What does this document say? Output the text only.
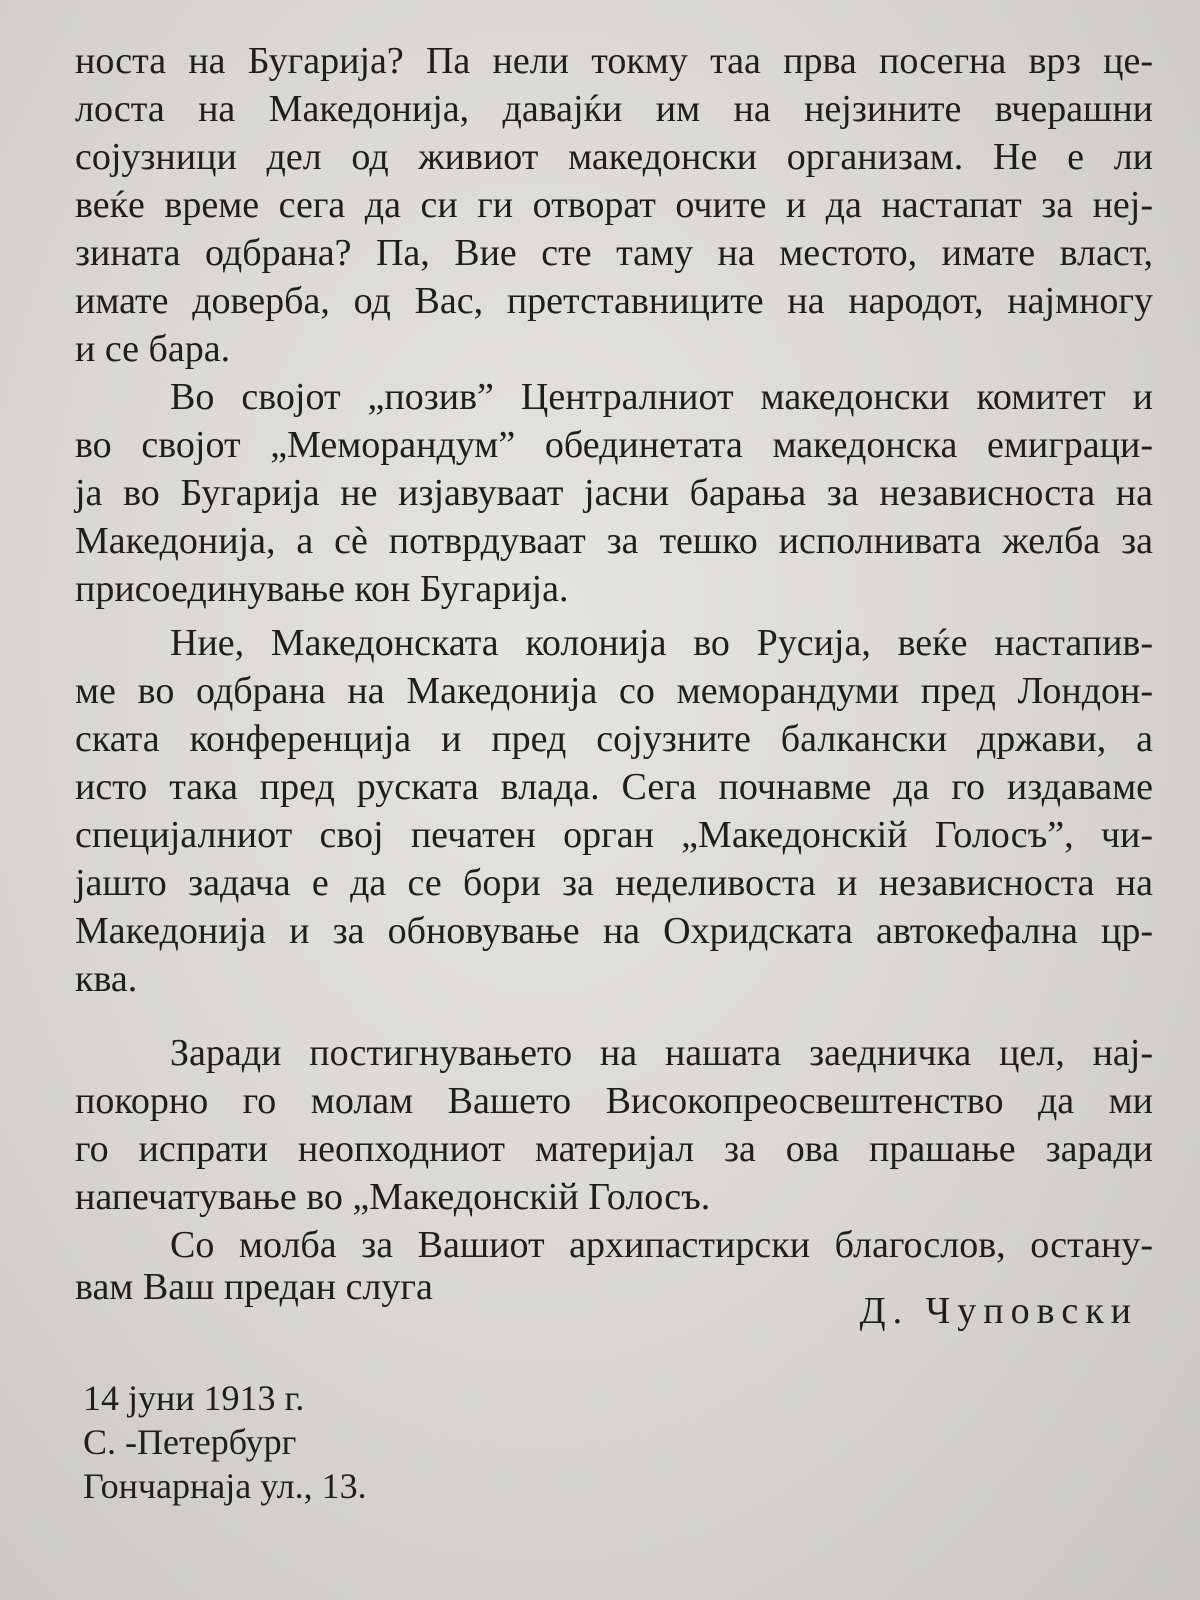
носта на Бугарија? Па нели токму таа прва посегна врз це-
лоста на Македонија, давајќи им на нејзините вчерашни
сојузници дел од живиот македонски организам. Не е ли
веќе време сега да си ги отворат очите и да настапат за неј-
зината одбрана? Па, Вие сте таму на местото, имате власт,
имате доверба, од Вас, претставниците на народот, најмногу
и се бара.
Во својот „позив” Централниот македонски комитет и
во својот „Меморандум” обединетата македонска емиграци-
ја во Бугарија не изјавуваат јасни барања за независноста на
Македонија, а сè потврдуваат за тешко исполнивата желба за
присоединување кон Бугарија.
Ние, Македонската колонија во Русија, веќе настапив-
ме во одбрана на Македонија со меморандуми пред Лондон-
ската конференција и пред сојузните балкански држави, а
исто така пред руската влада. Сега почнавме да го издаваме
специјалниот свој печатен орган „Македонскій Голосъ”, чи-
јашто задача е да се бори за неделивоста и независноста на
Македонија и за обновување на Охридската автокефална цр-
ква.
Заради постигнувањето на нашата заедничка цел, нај-
покорно го молам Вашето Високопреосвештенство да ми
го испрати неопходниот материјал за ова прашање заради
напечатување во „Македонскій Голосъ.
Со молба за Вашиот архипастирски благослов, остану-
вам Ваш предан слуга
Д. Чуповски
14 јуни 1913 г.
С. -Петербург
Гончарнаја ул., 13.
